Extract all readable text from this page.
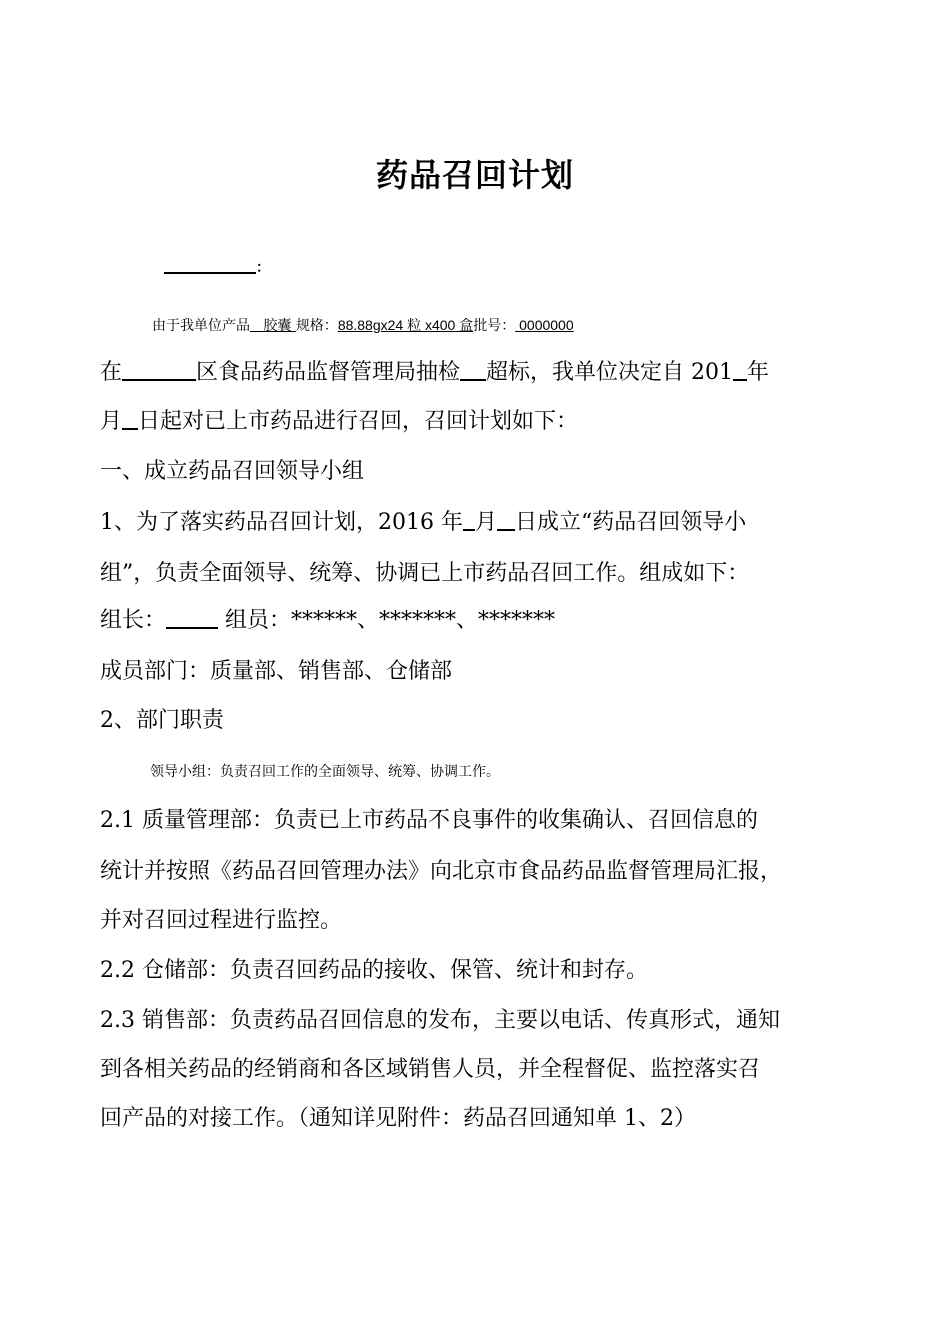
药品召回计划
：
由于我单位产品 胶囊 规格：88.88gx24 粒 x400 盒批号： 0000000
在	区食品药品监督管理局抽检 超标，我单位决定自 201 年
月 日起对已上市药品进行召回，召回计划如下：
一、成立药品召回领导小组
1、为了落实药品召回计划，2016 年 月 日成立“药品召回领导小
组”，负责全面领导、统筹、协调已上市药品召回工作。组成如下：
组长： 组员：******、*******、*******
成员部门：质量部、销售部、仓储部
2、部门职责
领导小组：负责召回工作的全面领导、统筹、协调工作。
2.1 质量管理部：负责已上市药品不良事件的收集确认、召回信息的
统计并按照《药品召回管理办法》向北京市食品药品监督管理局汇报，
并对召回过程进行监控。
2.2 仓储部：负责召回药品的接收、保管、统计和封存。
2.3 销售部：负责药品召回信息的发布，主要以电话、传真形式，通知
到各相关药品的经销商和各区域销售人员，并全程督促、监控落实召
回产品的对接工作。（通知详见附件：药品召回通知单 1、2）
